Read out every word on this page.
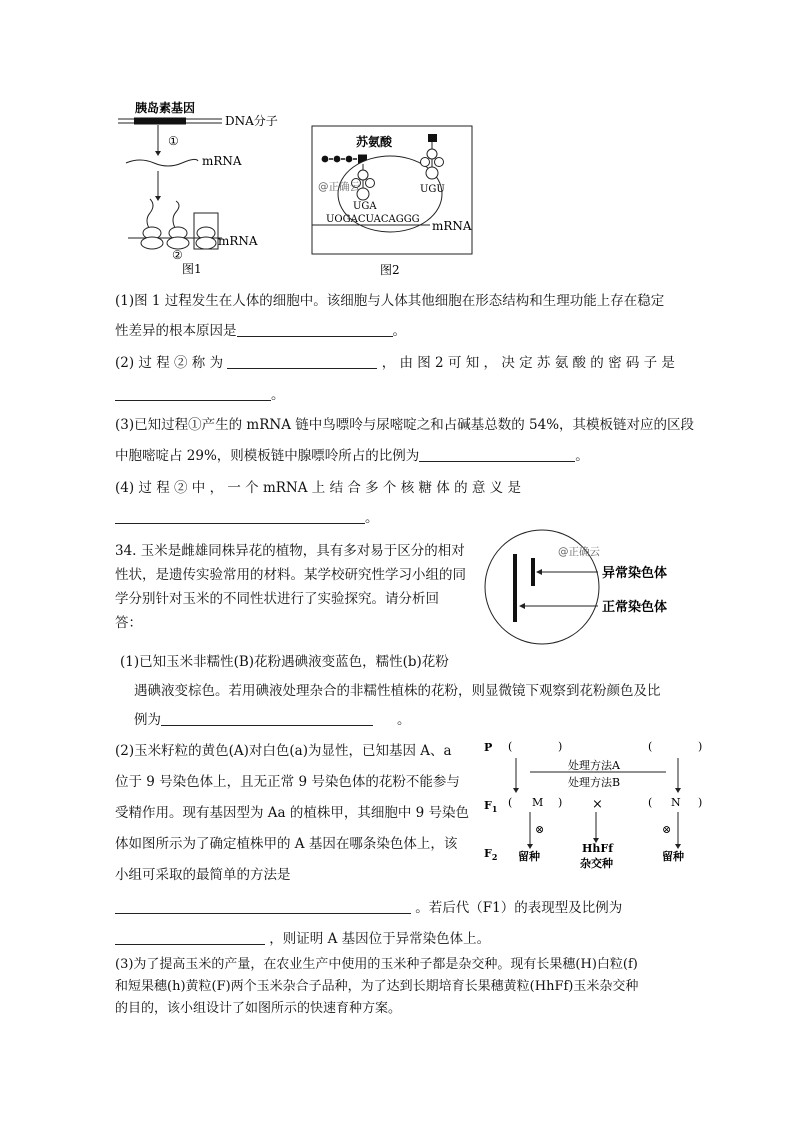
胰岛素基因
DNA分子
①
mRNA
②
mRNA
图1
苏氨酸
@正确云
UGA
UOGACUACAGGG mRNA
UGU
图2
(1)图 1 过程发生在人体的细胞中。该细胞与人体其他细胞在形态结构和生理功能上存在稳定
性差异的根本原因是	。
(2) 过 程 ② 称 为	， 由 图 2 可 知 ， 决 定 苏 氨 酸 的 密 码 子 是
。
(3)已知过程①产生的 mRNA 链中鸟嘌呤与尿嘧啶之和占碱基总数的 54%，其模板链对应的区段
中胞嘧啶占 29%，则模板链中腺嘌呤所占的比例为	。
(4) 过 程 ② 中 ， 一 个 mRNA 上 结 合 多 个 核 糖 体 的 意 义 是
。
@正确云
异常染色体
正常染色体
34. 玉米是雌雄同株异花的植物，具有多对易于区分的相对
性状，是遗传实验常用的材料。某学校研究性学习小组的同
学分别针对玉米的不同性状进行了实验探究。请分析回
答：
(1)已知玉米非糯性(B)花粉遇碘液变蓝色，糯性(b)花粉
遇碘液变棕色。若用碘液处理杂合的非糯性植株的花粉，则显微镜下观察到花粉颜色及比
例为	。
(2)玉米籽粒的黄色(A)对白色(a)为显性，已知基因 A、a
位于 9 号染色体上，且无正常 9 号染色体的花粉不能参与
受精作用。现有基因型为 Aa 的植株甲，其细胞中 9 号染色
体如图所示为了确定植株甲的 A 基因在哪条染色体上，该
小组可采取的最简单的方法是
。若后代（F1）的表现型及比例为
，则证明 A 基因位于异常染色体上。
(3)为了提高玉米的产量，在农业生产中使用的玉米种子都是杂交种。现有长果穗(H)白粒(f)
和短果穗(h)黄粒(F)两个玉米杂合子品种，为了达到长期培育长果穗黄粒(HhFf)玉米杂交种
的目的，该小组设计了如图所示的快速育种方案。
P (	)	(	)
处理方法A
处理方法B
$F_1$ ( M ) ×	( N )
⊗	⊗
$F_2$ 留种
HhFf
杂交种
留种
